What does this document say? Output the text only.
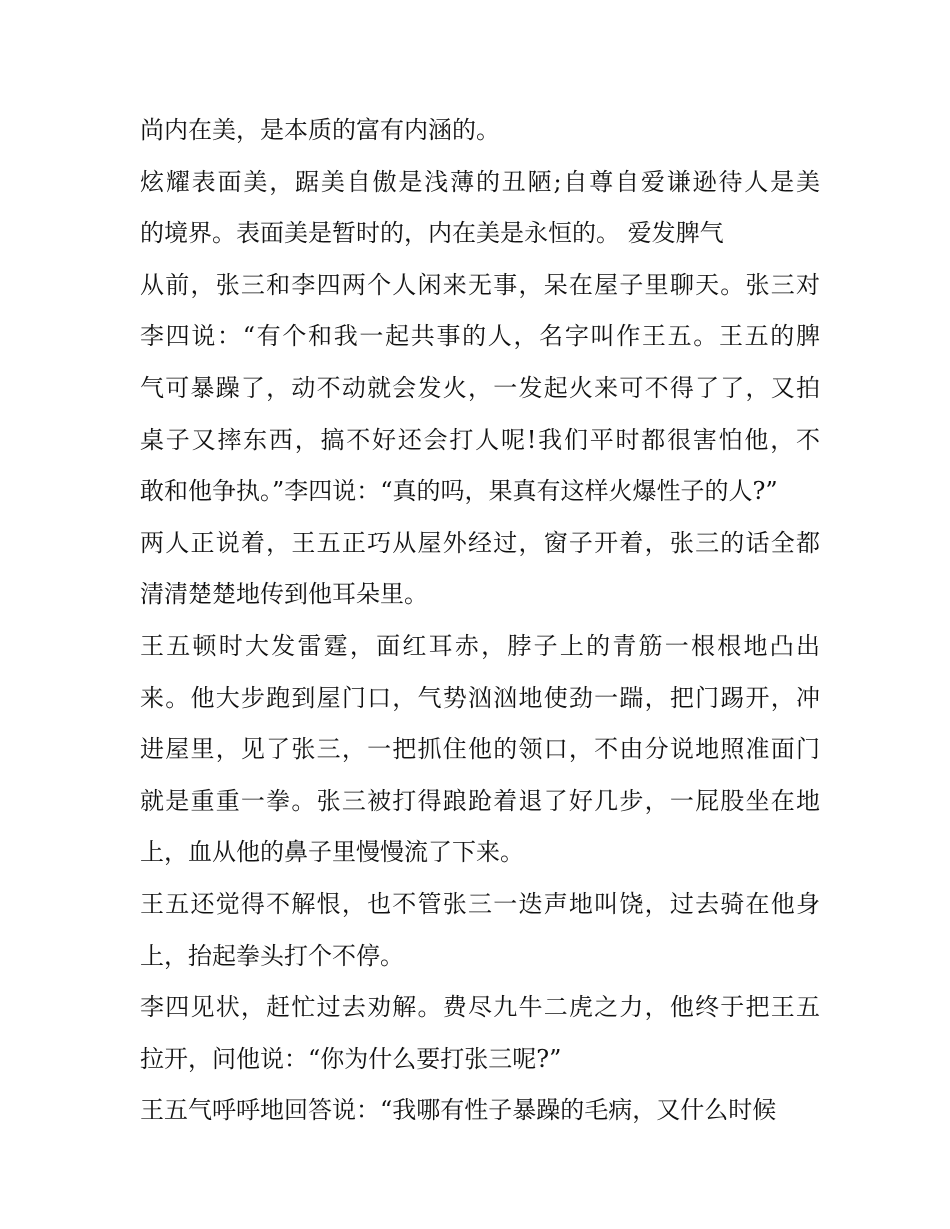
尚内在美，是本质的富有内涵的。
炫耀表面美，踞美自傲是浅薄的丑陋;自尊自爱谦逊待人是美
的境界。表面美是暂时的，内在美是永恒的。 爱发脾气
从前，张三和李四两个人闲来无事，呆在屋子里聊天。张三对
李四说：“有个和我一起共事的人，名字叫作王五。王五的脾
气可暴躁了，动不动就会发火，一发起火来可不得了了，又拍
桌子又摔东西，搞不好还会打人呢!我们平时都很害怕他，不
敢和他争执。”李四说：“真的吗，果真有这样火爆性子的人?”
两人正说着，王五正巧从屋外经过，窗子开着，张三的话全都
清清楚楚地传到他耳朵里。
王五顿时大发雷霆，面红耳赤，脖子上的青筋一根根地凸出
来。他大步跑到屋门口，气势汹汹地使劲一踹，把门踢开，冲
进屋里，见了张三，一把抓住他的领口，不由分说地照准面门
就是重重一拳。张三被打得踉跄着退了好几步，一屁股坐在地
上，血从他的鼻子里慢慢流了下来。
王五还觉得不解恨，也不管张三一迭声地叫饶，过去骑在他身
上，抬起拳头打个不停。
李四见状，赶忙过去劝解。费尽九牛二虎之力，他终于把王五
拉开，问他说：“你为什么要打张三呢?”
王五气呼呼地回答说：“我哪有性子暴躁的毛病，又什么时候
